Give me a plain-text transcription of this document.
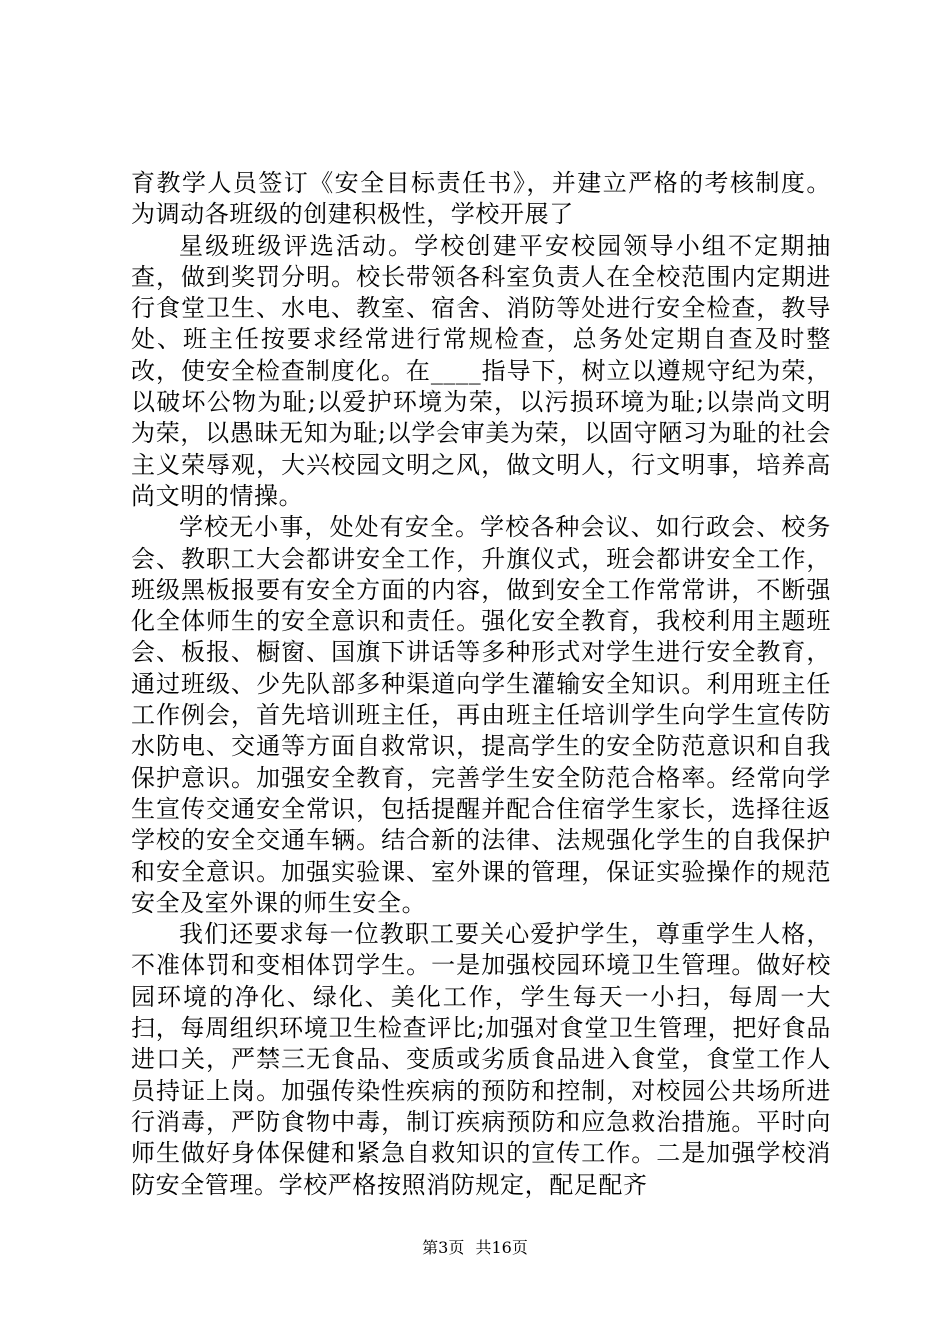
育教学人员签订《安全目标责任书》，并建立严格的考核制度。为调动各班级的创建积极性，学校开展了

星级班级评选活动。学校创建平安校园领导小组不定期抽查，做到奖罚分明。校长带领各科室负责人在全校范围内定期进行食堂卫生、水电、教室、宿舍、消防等处进行安全检查，教导处、班主任按要求经常进行常规检查，总务处定期自查及时整改，使安全检查制度化。在____指导下，树立以遵规守纪为荣，以破坏公物为耻;以爱护环境为荣，以污损环境为耻;以崇尚文明为荣，以愚昧无知为耻;以学会审美为荣，以固守陋习为耻的社会主义荣辱观，大兴校园文明之风，做文明人，行文明事，培养高尚文明的情操。

学校无小事，处处有安全。学校各种会议、如行政会、校务会、教职工大会都讲安全工作，升旗仪式，班会都讲安全工作，班级黑板报要有安全方面的内容，做到安全工作常常讲，不断强化全体师生的安全意识和责任。强化安全教育，我校利用主题班会、板报、橱窗、国旗下讲话等多种形式对学生进行安全教育，通过班级、少先队部多种渠道向学生灌输安全知识。利用班主任工作例会，首先培训班主任，再由班主任培训学生向学生宣传防水防电、交通等方面自救常识，提高学生的安全防范意识和自我保护意识。加强安全教育，完善学生安全防范合格率。经常向学生宣传交通安全常识，包括提醒并配合住宿学生家长，选择往返学校的安全交通车辆。结合新的法律、法规强化学生的自我保护和安全意识。加强实验课、室外课的管理，保证实验操作的规范安全及室外课的师生安全。

我们还要求每一位教职工要关心爱护学生，尊重学生人格，不准体罚和变相体罚学生。一是加强校园环境卫生管理。做好校园环境的净化、绿化、美化工作，学生每天一小扫，每周一大扫，每周组织环境卫生检查评比;加强对食堂卫生管理，把好食品进口关，严禁三无食品、变质或劣质食品进入食堂，食堂工作人员持证上岗。加强传染性疾病的预防和控制，对校园公共场所进行消毒，严防食物中毒，制订疾病预防和应急救治措施。平时向师生做好身体保健和紧急自救知识的宣传工作。二是加强学校消防安全管理。学校严格按照消防规定，配足配齐

第3页 共16页
